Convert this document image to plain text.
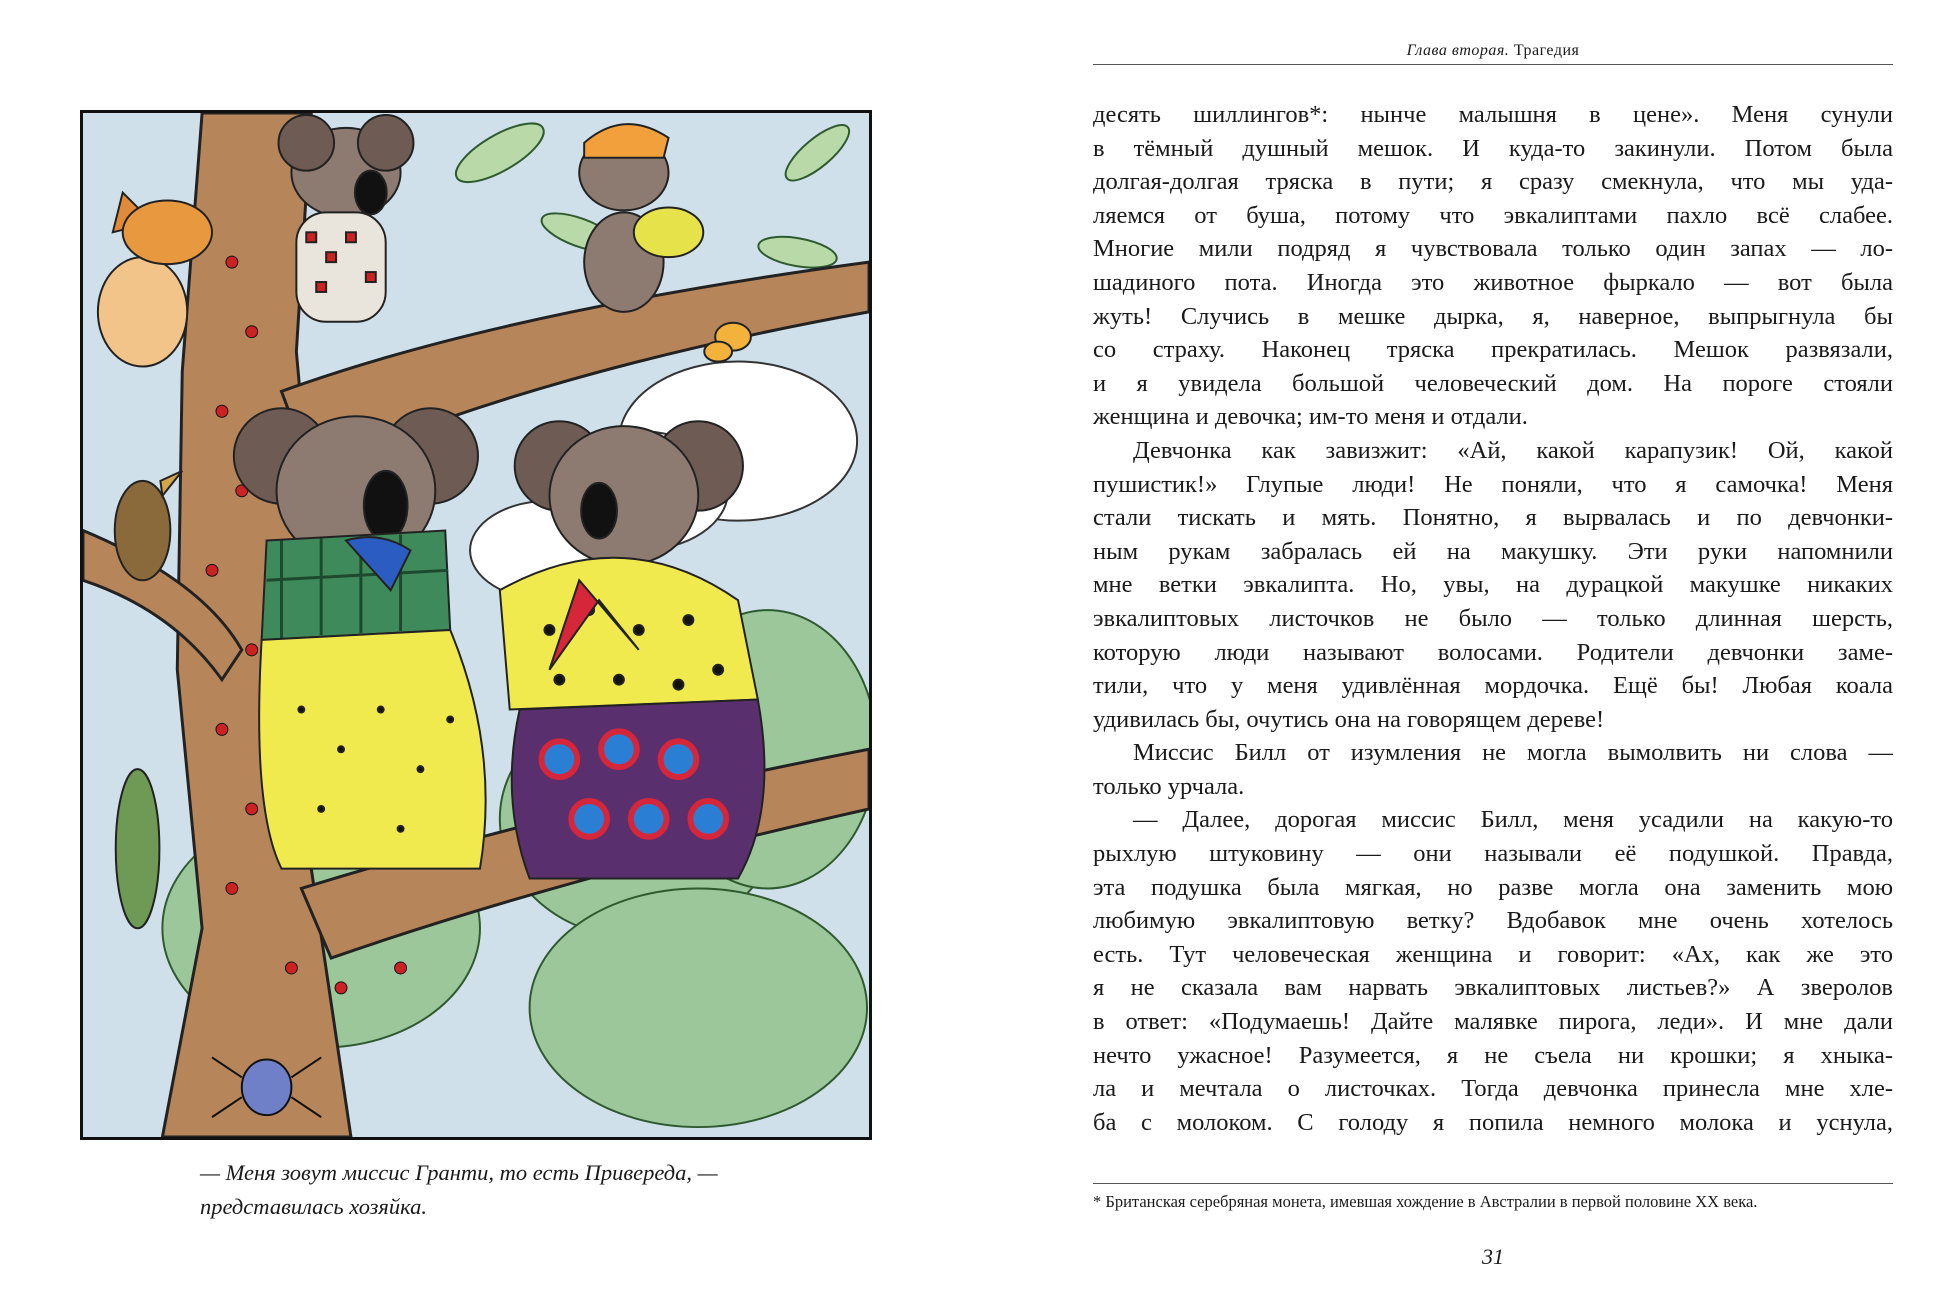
— Меня зовут миссис Гранти, то есть Привереда, —
представилась хозяйка.
Глава вторая. Трагедия
десять шиллингов*: нынче малышня в цене». Меня сунули
в тёмный душный мешок. И куда-то закинули. Потом была
долгая-долгая тряска в пути; я сразу смекнула, что мы уда-
ляемся от буша, потому что эвкалиптами пахло всё слабее.
Многие мили подряд я чувствовала только один запах — ло-
шадиного пота. Иногда это животное фыркало — вот была
жуть! Случись в мешке дырка, я, наверное, выпрыгнула бы
со страху. Наконец тряска прекратилась. Мешок развязали,
и я увидела большой человеческий дом. На пороге стояли
женщина и девочка; им-то меня и отдали.
Девчонка как завизжит: «Ай, какой карапузик! Ой, какой
пушистик!» Глупые люди! Не поняли, что я самочка! Меня
стали тискать и мять. Понятно, я вырвалась и по девчонки-
ным рукам забралась ей на макушку. Эти руки напомнили
мне ветки эвкалипта. Но, увы, на дурацкой макушке никаких
эвкалиптовых листочков не было — только длинная шерсть,
которую люди называют волосами. Родители девчонки заме-
тили, что у меня удивлённая мордочка. Ещё бы! Любая коала
удивилась бы, очутись она на говорящем дереве!
Миссис Билл от изумления не могла вымолвить ни слова —
только урчала.
— Далее, дорогая миссис Билл, меня усадили на какую-то
рыхлую штуковину — они называли её подушкой. Правда,
эта подушка была мягкая, но разве могла она заменить мою
любимую эвкалиптовую ветку? Вдобавок мне очень хотелось
есть. Тут человеческая женщина и говорит: «Ах, как же это
я не сказала вам нарвать эвкалиптовых листьев?» А зверолов
в ответ: «Подумаешь! Дайте малявке пирога, леди». И мне дали
нечто ужасное! Разумеется, я не съела ни крошки; я хныка-
ла и мечтала о листочках. Тогда девчонка принесла мне хле-
ба с молоком. С голоду я попила немного молока и уснула,
* Британская серебряная монета, имевшая хождение в Австралии в первой половине XX века.
31
